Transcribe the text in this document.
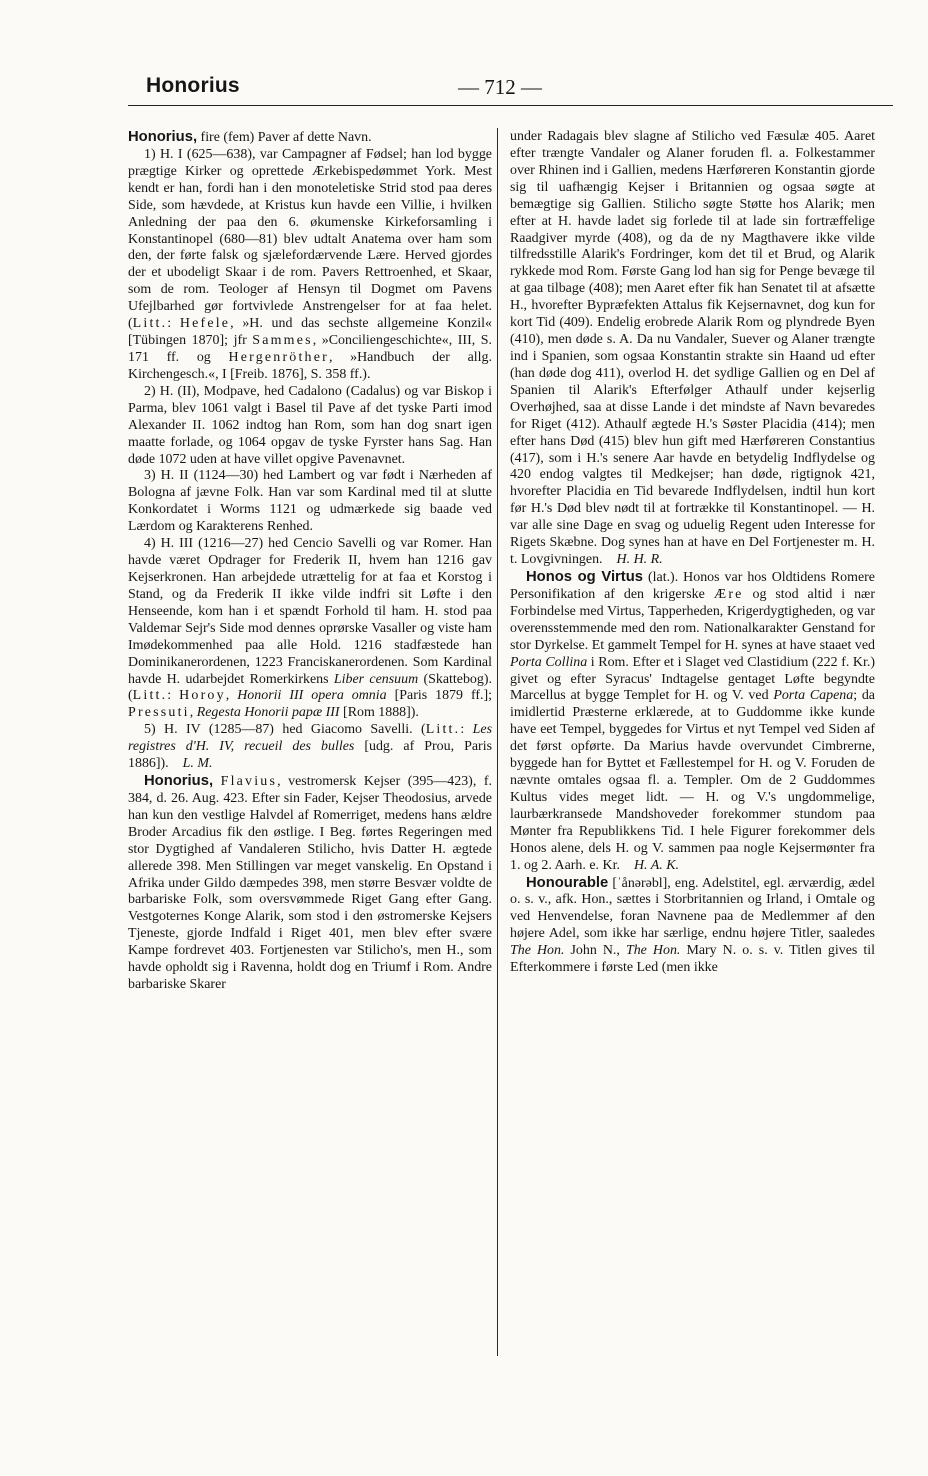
Honorius	— 712 —

Honorius, fire (fem) Paver af dette Navn.

1) H. I (625—638), var Campagner af Fødsel; han lod bygge prægtige Kirker og oprettede Ærkebispedømmet York. Mest kendt er han, fordi han i den monoteletiske Strid stod paa deres Side, som hævdede, at Kristus kun havde een Villie, i hvilken Anledning der paa den 6. økumenske Kirkeforsamling i Konstantinopel (680—81) blev udtalt Anatema over ham som den, der førte falsk og sjælefordærvende Lære. Herved gjordes der et ubodeligt Skaar i de rom. Pavers Rettroenhed, et Skaar, som de rom. Teologer af Hensyn til Dogmet om Pavens Ufejlbarhed gør fortvivlede Anstrengelser for at faa helet. (Litt.: Hefele, »H. und das sechste allgemeine Konzil« [Tübingen 1870]; jfr Sammes, »Conciliengeschichte«, III, S. 171 ff. og Hergenröther, »Handbuch der allg. Kirchengesch.«, I [Freib. 1876], S. 358 ff.).

2) H. (II), Modpave, hed Cadalono (Cadalus) og var Biskop i Parma, blev 1061 valgt i Basel til Pave af det tyske Parti imod Alexander II. 1062 indtog han Rom, som han dog snart igen maatte forlade, og 1064 opgav de tyske Fyrster hans Sag. Han døde 1072 uden at have villet opgive Pavenavnet.

3) H. II (1124—30) hed Lambert og var født i Nærheden af Bologna af jævne Folk. Han var som Kardinal med til at slutte Konkordatet i Worms 1121 og udmærkede sig baade ved Lærdom og Karakterens Renhed.

4) H. III (1216—27) hed Cencio Savelli og var Romer. Han havde været Opdrager for Frederik II, hvem han 1216 gav Kejserkronen. Han arbejdede utrættelig for at faa et Korstog i Stand, og da Frederik II ikke vilde indfri sit Løfte i den Henseende, kom han i et spændt Forhold til ham. H. stod paa Valdemar Sejr's Side mod dennes oprørske Vasaller og viste ham Imødekommenhed paa alle Hold. 1216 stadfæstede han Dominikanerordenen, 1223 Franciskanerordenen. Som Kardinal havde H. udarbejdet Romerkirkens Liber censuum (Skattebog). (Litt.: Horoy, Honorii III opera omnia [Paris 1879 ff.]; Pressuti, Regesta Honorii papæ III [Rom 1888]).

5) H. IV (1285—87) hed Giacomo Savelli. (Litt.: Les registres d'H. IV, recueil des bulles [udg. af Prou, Paris 1886]). L. M.

Honorius, Flavius, vestromersk Kejser (395—423), f. 384, d. 26. Aug. 423. Efter sin Fader, Kejser Theodosius, arvede han kun den vestlige Halvdel af Romerriget, medens hans ældre Broder Arcadius fik den østlige. I Beg. førtes Regeringen med stor Dygtighed af Vandaleren Stilicho, hvis Datter H. ægtede allerede 398. Men Stillingen var meget vanskelig. En Opstand i Afrika under Gildo dæmpedes 398, men større Besvær voldte de barbariske Folk, som oversvømmede Riget Gang efter Gang. Vestgoternes Konge Alarik, som stod i den østromerske Kejsers Tjeneste, gjorde Indfald i Riget 401, men blev efter svære Kampe fordrevet 403. Fortjenesten var Stilicho's, men H., som havde opholdt sig i Ravenna, holdt dog en Triumf i Rom. Andre barbariske Skarer

under Radagais blev slagne af Stilicho ved Fæsulæ 405. Aaret efter trængte Vandaler og Alaner foruden fl. a. Folkestammer over Rhinen ind i Gallien, medens Hærføreren Konstantin gjorde sig til uafhængig Kejser i Britannien og ogsaa søgte at bemægtige sig Gallien. Stilicho søgte Støtte hos Alarik; men efter at H. havde ladet sig forlede til at lade sin fortræffelige Raadgiver myrde (408), og da de ny Magthavere ikke vilde tilfredsstille Alarik's Fordringer, kom det til et Brud, og Alarik rykkede mod Rom. Første Gang lod han sig for Penge bevæge til at gaa tilbage (408); men Aaret efter fik han Senatet til at afsætte H., hvorefter Bypræfekten Attalus fik Kejsernavnet, dog kun for kort Tid (409). Endelig erobrede Alarik Rom og plyndrede Byen (410), men døde s. A. Da nu Vandaler, Suever og Alaner trængte ind i Spanien, som ogsaa Konstantin strakte sin Haand ud efter (han døde dog 411), overlod H. det sydlige Gallien og en Del af Spanien til Alarik's Efterfølger Athaulf under kejserlig Overhøjhed, saa at disse Lande i det mindste af Navn bevaredes for Riget (412). Athaulf ægtede H.'s Søster Placidia (414); men efter hans Død (415) blev hun gift med Hærføreren Constantius (417), som i H.'s senere Aar havde en betydelig Indflydelse og 420 endog valgtes til Medkejser; han døde, rigtignok 421, hvorefter Placidia en Tid bevarede Indflydelsen, indtil hun kort før H.'s Død blev nødt til at fortrække til Konstantinopel. — H. var alle sine Dage en svag og uduelig Regent uden Interesse for Rigets Skæbne. Dog synes han at have en Del Fortjenester m. H. t. Lovgivningen. H. H. R.

Honos og Virtus (lat.). Honos var hos Oldtidens Romere Personifikation af den krigerske Ære og stod altid i nær Forbindelse med Virtus, Tapperheden, Krigerdygtigheden, og var overensstemmende med den rom. Nationalkarakter Genstand for stor Dyrkelse. Et gammelt Tempel for H. synes at have staaet ved Porta Collina i Rom. Efter et i Slaget ved Clastidium (222 f. Kr.) givet og efter Syracus' Indtagelse gentaget Løfte begyndte Marcellus at bygge Templet for H. og V. ved Porta Capena; da imidlertid Præsterne erklærede, at to Guddomme ikke kunde have eet Tempel, byggedes for Virtus et nyt Tempel ved Siden af det først opførte. Da Marius havde overvundet Cimbrerne, byggede han for Byttet et Fællestempel for H. og V. Foruden de nævnte omtales ogsaa fl. a. Templer. Om de 2 Guddommes Kultus vides meget lidt. — H. og V.'s ungdommelige, laurbærkransede Mandshoveder forekommer stundom paa Mønter fra Republikkens Tid. I hele Figurer forekommer dels Honos alene, dels H. og V. sammen paa nogle Kejsermønter fra 1. og 2. Aarh. e. Kr. H. A. K.

Honourable [ˈånərəbl], eng. Adelstitel, egl. ærværdig, ædel o. s. v., afk. Hon., sættes i Storbritannien og Irland, i Omtale og ved Henvendelse, foran Navnene paa de Medlemmer af den højere Adel, som ikke har særlige, endnu højere Titler, saaledes The Hon. John N., The Hon. Mary N. o. s. v. Titlen gives til Efterkommere i første Led (men ikke
